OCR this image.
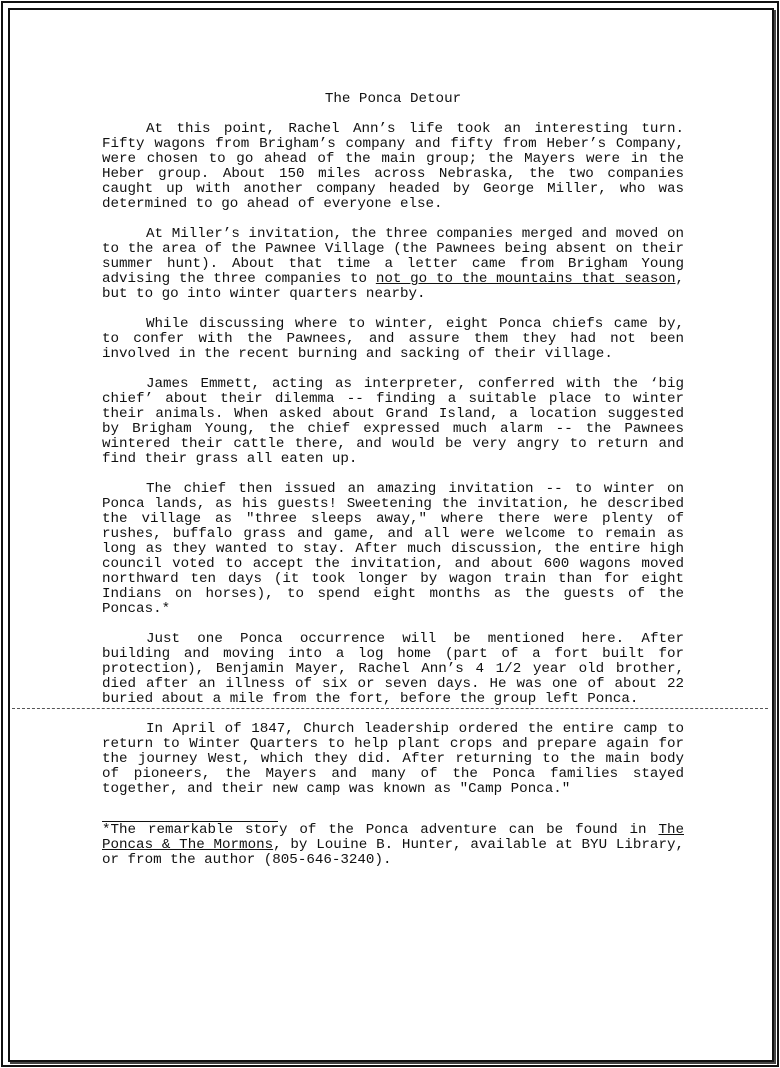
The Ponca Detour

At this point, Rachel Ann’s life took an interesting turn. Fifty wagons from Brigham’s company and fifty from Heber’s Company, were chosen to go ahead of the main group; the Mayers were in the Heber group. About 150 miles across Nebraska, the two companies caught up with another company headed by George Miller, who was determined to go ahead of everyone else.

At Miller’s invitation, the three companies merged and moved on to the area of the Pawnee Village (the Pawnees being absent on their summer hunt). About that time a letter came from Brigham Young advising the three companies to not go to the mountains that season, but to go into winter quarters nearby.

While discussing where to winter, eight Ponca chiefs came by, to confer with the Pawnees, and assure them they had not been involved in the recent burning and sacking of their village.

James Emmett, acting as interpreter, conferred with the ‘big chief’ about their dilemma -- finding a suitable place to winter their animals. When asked about Grand Island, a location suggested by Brigham Young, the chief expressed much alarm -- the Pawnees wintered their cattle there, and would be very angry to return and find their grass all eaten up.

The chief then issued an amazing invitation -- to winter on Ponca lands, as his guests! Sweetening the invitation, he described the village as "three sleeps away," where there were plenty of rushes, buffalo grass and game, and all were welcome to remain as long as they wanted to stay. After much discussion, the entire high council voted to accept the invitation, and about 600 wagons moved northward ten days (it took longer by wagon train than for eight Indians on horses), to spend eight months as the guests of the Poncas.*

Just one Ponca occurrence will be mentioned here. After building and moving into a log home (part of a fort built for protection), Benjamin Mayer, Rachel Ann’s 4 1/2 year old brother, died after an illness of six or seven days. He was one of about 22 buried about a mile from the fort, before the group left Ponca.

In April of 1847, Church leadership ordered the entire camp to return to Winter Quarters to help plant crops and prepare again for the journey West, which they did. After returning to the main body of pioneers, the Mayers and many of the Ponca families stayed together, and their new camp was known as "Camp Ponca."

*The remarkable story of the Ponca adventure can be found in The Poncas & The Mormons, by Louine B. Hunter, available at BYU Library, or from the author (805-646-3240).
